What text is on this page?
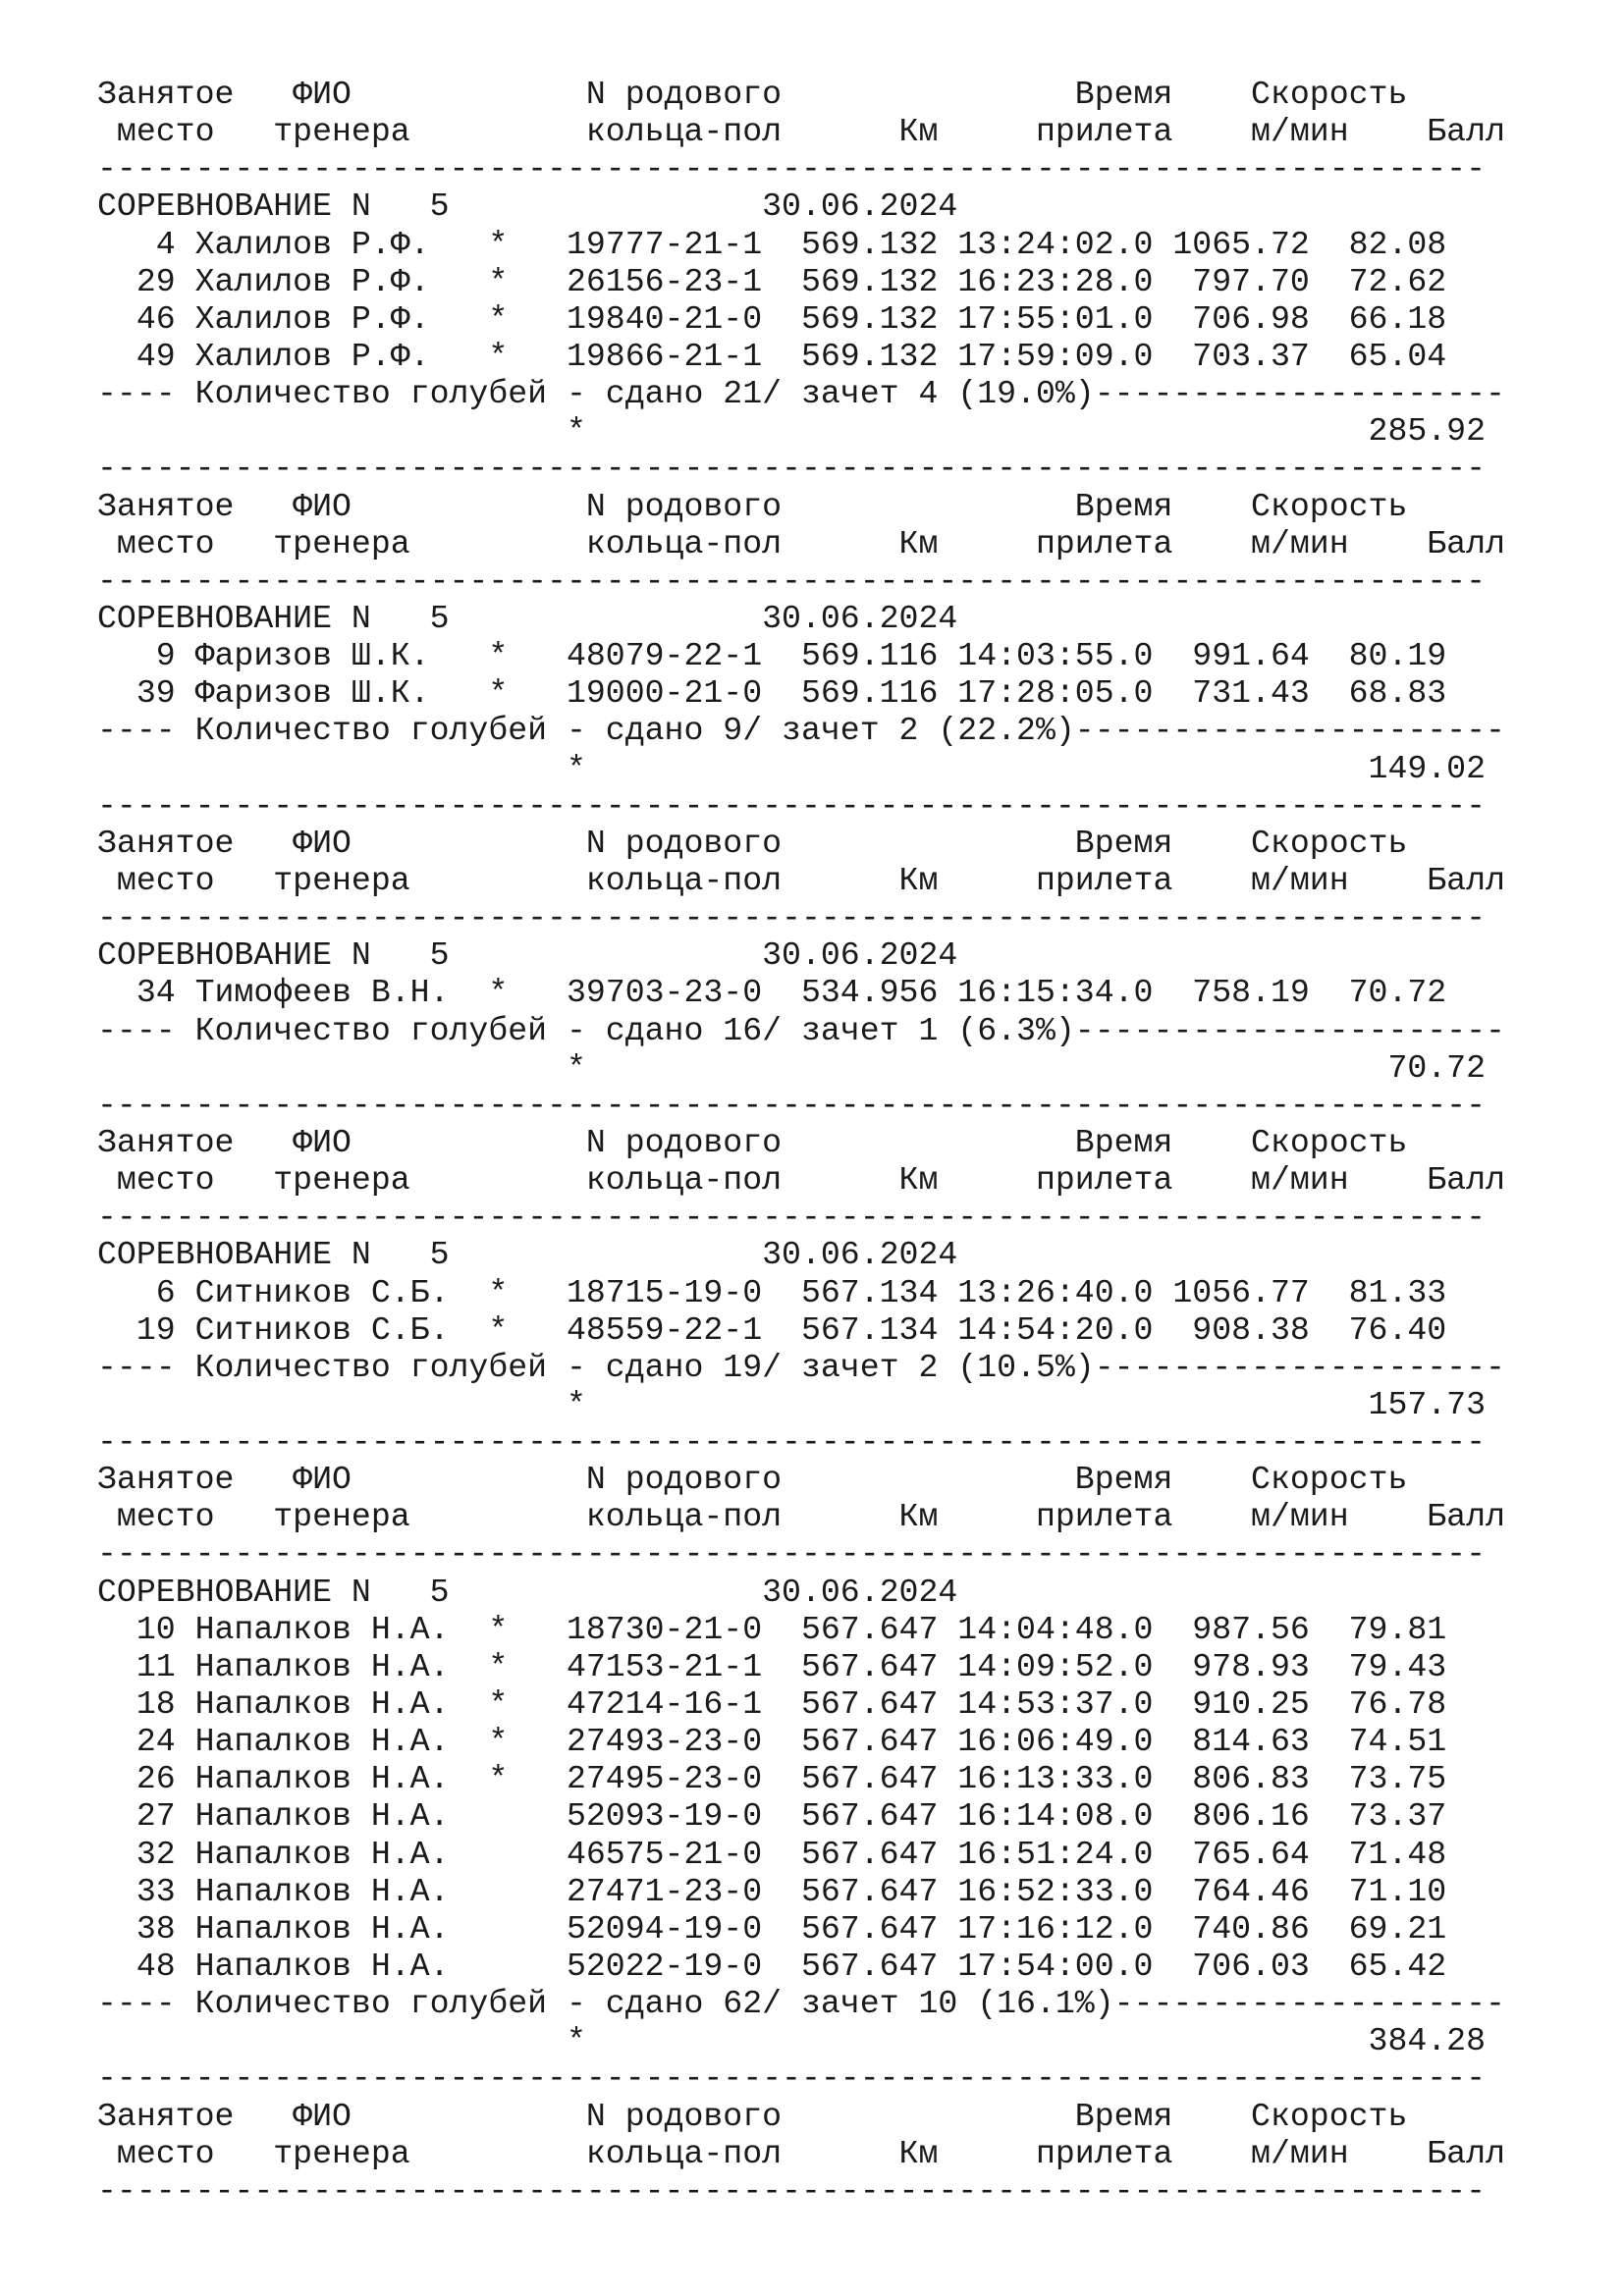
Занятое   ФИО            N родового               Время    Скорость
место   тренера         кольца-пол      Км     прилета    м/мин    Балл
-----------------------------------------------------------------------
СОРЕВНОВАНИЕ N   5                30.06.2024
4 Халилов Р.Ф.   *   19777-21-1  569.132 13:24:02.0 1065.72  82.08
29 Халилов Р.Ф.   *   26156-23-1  569.132 16:23:28.0  797.70  72.62
46 Халилов Р.Ф.   *   19840-21-0  569.132 17:55:01.0  706.98  66.18
49 Халилов Р.Ф.   *   19866-21-1  569.132 17:59:09.0  703.37  65.04
---- Количество голубей - сдано 21/ зачет 4 (19.0%)---------------------
*                                        285.92
-----------------------------------------------------------------------
Занятое   ФИО            N родового               Время    Скорость
место   тренера         кольца-пол      Км     прилета    м/мин    Балл
-----------------------------------------------------------------------
СОРЕВНОВАНИЕ N   5                30.06.2024
9 Фаризов Ш.К.   *   48079-22-1  569.116 14:03:55.0  991.64  80.19
39 Фаризов Ш.К.   *   19000-21-0  569.116 17:28:05.0  731.43  68.83
---- Количество голубей - сдано 9/ зачет 2 (22.2%)----------------------
*                                        149.02
-----------------------------------------------------------------------
Занятое   ФИО            N родового               Время    Скорость
место   тренера         кольца-пол      Км     прилета    м/мин    Балл
-----------------------------------------------------------------------
СОРЕВНОВАНИЕ N   5                30.06.2024
34 Тимофеев В.Н.  *   39703-23-0  534.956 16:15:34.0  758.19  70.72
---- Количество голубей - сдано 16/ зачет 1 (6.3%)----------------------
*                                         70.72
-----------------------------------------------------------------------
Занятое   ФИО            N родового               Время    Скорость
место   тренера         кольца-пол      Км     прилета    м/мин    Балл
-----------------------------------------------------------------------
СОРЕВНОВАНИЕ N   5                30.06.2024
6 Ситников С.Б.  *   18715-19-0  567.134 13:26:40.0 1056.77  81.33
19 Ситников С.Б.  *   48559-22-1  567.134 14:54:20.0  908.38  76.40
---- Количество голубей - сдано 19/ зачет 2 (10.5%)---------------------
*                                        157.73
-----------------------------------------------------------------------
Занятое   ФИО            N родового               Время    Скорость
место   тренера         кольца-пол      Км     прилета    м/мин    Балл
-----------------------------------------------------------------------
СОРЕВНОВАНИЕ N   5                30.06.2024
10 Напалков Н.А.  *   18730-21-0  567.647 14:04:48.0  987.56  79.81
11 Напалков Н.А.  *   47153-21-1  567.647 14:09:52.0  978.93  79.43
18 Напалков Н.А.  *   47214-16-1  567.647 14:53:37.0  910.25  76.78
24 Напалков Н.А.  *   27493-23-0  567.647 16:06:49.0  814.63  74.51
26 Напалков Н.А.  *   27495-23-0  567.647 16:13:33.0  806.83  73.75
27 Напалков Н.А.      52093-19-0  567.647 16:14:08.0  806.16  73.37
32 Напалков Н.А.      46575-21-0  567.647 16:51:24.0  765.64  71.48
33 Напалков Н.А.      27471-23-0  567.647 16:52:33.0  764.46  71.10
38 Напалков Н.А.      52094-19-0  567.647 17:16:12.0  740.86  69.21
48 Напалков Н.А.      52022-19-0  567.647 17:54:00.0  706.03  65.42
---- Количество голубей - сдано 62/ зачет 10 (16.1%)--------------------
*                                        384.28
-----------------------------------------------------------------------
Занятое   ФИО            N родового               Время    Скорость
место   тренера         кольца-пол      Км     прилета    м/мин    Балл
-----------------------------------------------------------------------
